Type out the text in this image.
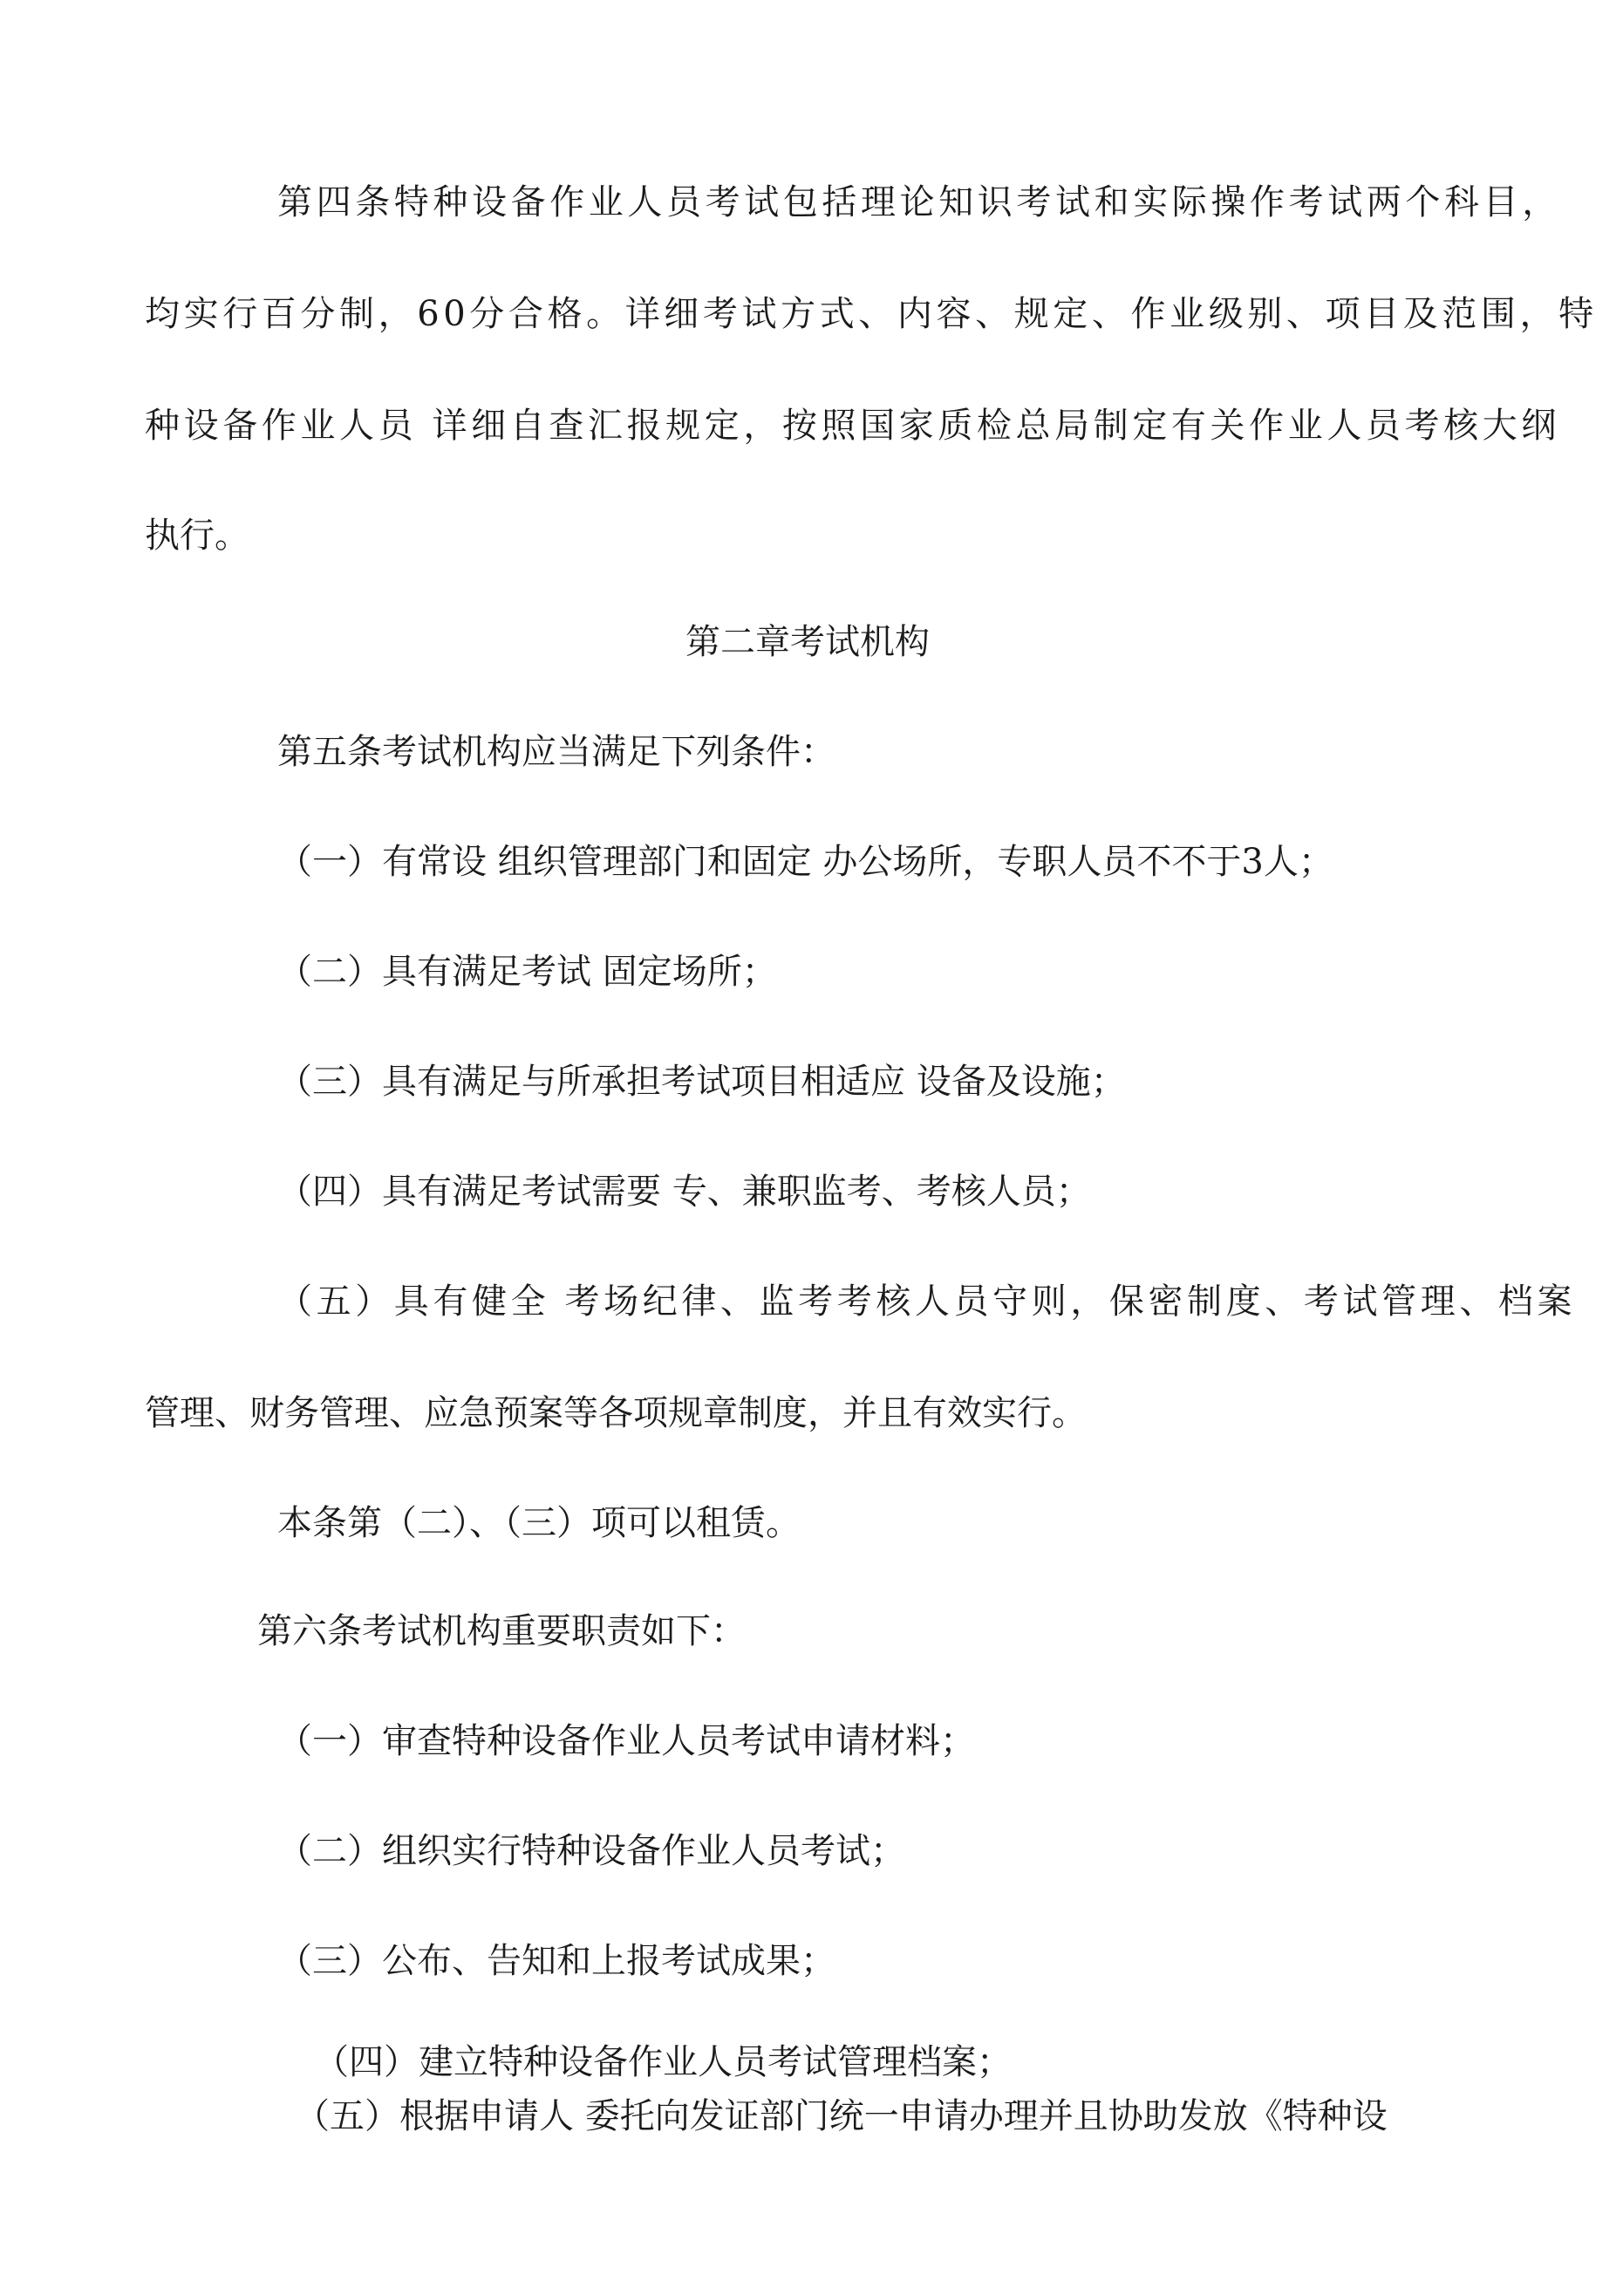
第四条特种设备作业人员考试包括理论知识考试和实际操作考试两个科目，
均实行百分制，60分合格。详细考试方式、内容、规定、作业级别、项目及范围，特
种设备作业人员 详细自查汇报规定，按照国家质检总局制定有关作业人员考核大纲
执行。
第二章考试机构
第五条考试机构应当满足下列条件：
（一）有常设 组织管理部门和固定 办公场所，专职人员不不于3人；
（二）具有满足考试 固定场所；
（三）具有满足与所承担考试项目相适应 设备及设施；
（四）具有满足考试需要 专、兼职监考、考核人员；
（五）具有健全 考场纪律、监考考核人员守则，保密制度、考试管理、档案
管理、财务管理、应急预案等各项规章制度，并且有效实行。
本条第（二）、（三）项可以租赁。
第六条考试机构重要职责如下：
（一）审查特种设备作业人员考试申请材料；
（二）组织实行特种设备作业人员考试；
（三）公布、告知和上报考试成果；
（四）建立特种设备作业人员考试管理档案；
（五）根据申请人 委托向发证部门统一申请办理并且协助发放《特种设
